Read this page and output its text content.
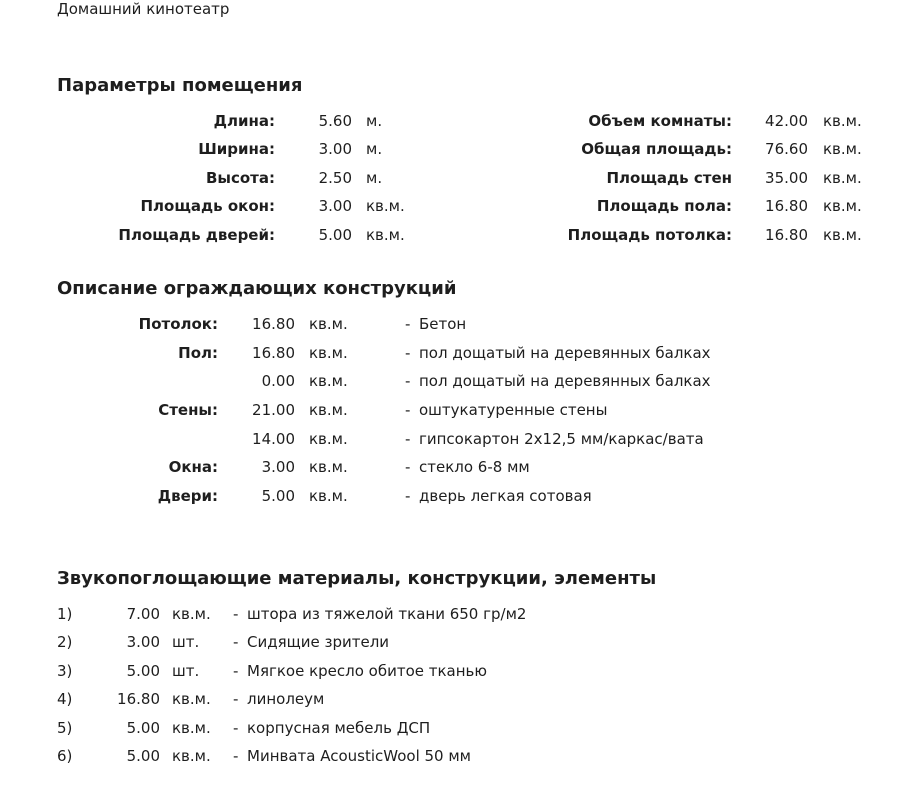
Домашний кинотеатр
Параметры помещения
Длина:	5.60 м.
Ширина:	3.00 м.
Высота:	2.50 м.
Площадь окон:	3.00 кв.м.
Площадь дверей:	5.00 кв.м.
Объем комнаты:	42.00 кв.м.
Общая площадь:	76.60 кв.м.
Площадь стен	35.00 кв.м.
Площадь пола:	16.80 кв.м.
Площадь потолка:	16.80 кв.м.
Описание ограждающих конструкций
Потолок:	16.80 кв.м.	- Бетон
Пол:	16.80 кв.м.	- пол дощатый на деревянных балках
0.00 кв.м.	- пол дощатый на деревянных балках
Стены:	21.00 кв.м.	- оштукатуренные стены
14.00 кв.м.	- гипсокартон 2х12,5 мм/каркас/вата
Окна:	3.00 кв.м.	- стекло 6-8 мм
Двери:	5.00 кв.м.	- дверь легкая сотовая
Звукопоглощающие материалы, конструкции, элементы
1)	7.00 кв.м. - штора из тяжелой ткани 650 гр/м2
2)	3.00 шт. - Сидящие зрители
3)	5.00 шт. - Мягкое кресло обитое тканью
4)	16.80 кв.м. - линолеум
5)	5.00 кв.м. - корпусная мебель ДСП
6)	5.00 кв.м. - Минвата AcousticWool 50 мм
